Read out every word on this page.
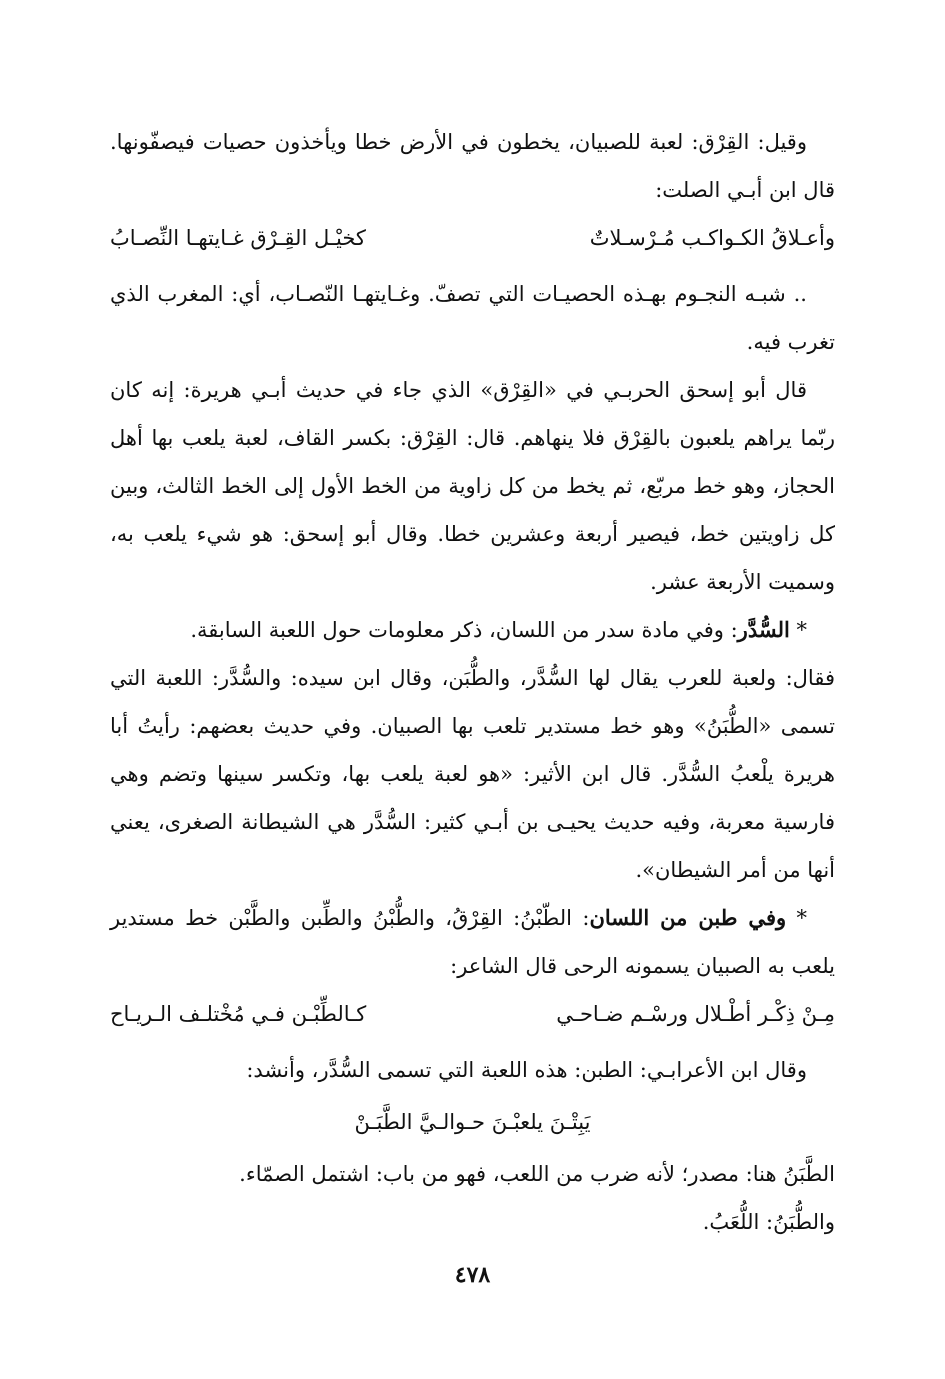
وقيل: القِرْق: لعبة للصبيان، يخطون في الأرض خطا ويأخذون حصيات فيصفّونها. قال ابن أبـي الصلت:

وأعـلاقُ الكـواكـب مُـرْسـلاتٌ
كخيْـل القِـرْق غـايتهـا النِّصـابُ

.. شبـه النجـوم بهـذه الحصيـات التي تصفّ. وغـايتهـا النّصـاب، أي: المغرب الذي تغرب فيه.

قال أبو إسحق الحربـي في «القِرْق» الذي جاء في حديث أبـي هريرة: إنه كان ربّما يراهم يلعبون بالقِرْق فلا ينهاهم. قال: القِرْق: بكسر القاف، لعبة يلعب بها أهل الحجاز، وهو خط مربّع، ثم يخط من كل زاوية من الخط الأول إلى الخط الثالث، وبين كل زاويتين خط، فيصير أربعة وعشرين خطا. وقال أبو إسحق: هو شيء يلعب به، وسميت الأربعة عشر.

* السُّدَّر: وفي مادة سدر من اللسان، ذكر معلومات حول اللعبة السابقة.

فقال: ولعبة للعرب يقال لها السُّدَّر، والطُّبَن، وقال ابن سيده: والسُّدَّر: اللعبة التي تسمى «الطُّبَنُ» وهو خط مستدير تلعب بها الصبيان. وفي حديث بعضهم: رأيتُ أبا هريرة يلْعبُ السُّدَّر. قال ابن الأثير: «هو لعبة يلعب بها، وتكسر سينها وتضم وهي فارسية معربة، وفيه حديث يحيـى بن أبـي كثير: السُّدَّر هي الشيطانة الصغرى، يعني أنها من أمر الشيطان».

* وفي طبن من اللسان: الطّبْنُ: القِرْقُ، والطُّبْنُ والطِّبن والطَّبْن خط مستدير يلعب به الصبيان يسمونه الرحى قال الشاعر:

مِـنْ ذِكْـر أطْـلال ورسْـم ضـاحـي
كـالطِّبْـن فـي مُخْتلـف الـريـاح

وقال ابن الأعرابـي: الطبن: هذه اللعبة التي تسمى السُّدَّر، وأنشد:

يَبِتْـنَ يلعبْـنَ حـوالـيَّ الطَّبَـنْ

الطَّبَنُ هنا: مصدر؛ لأنه ضرب من اللعب، فهو من باب: اشتمل الصمّاء.

والطُّبَنُ: اللُّعَبُ.

٤٧٨
